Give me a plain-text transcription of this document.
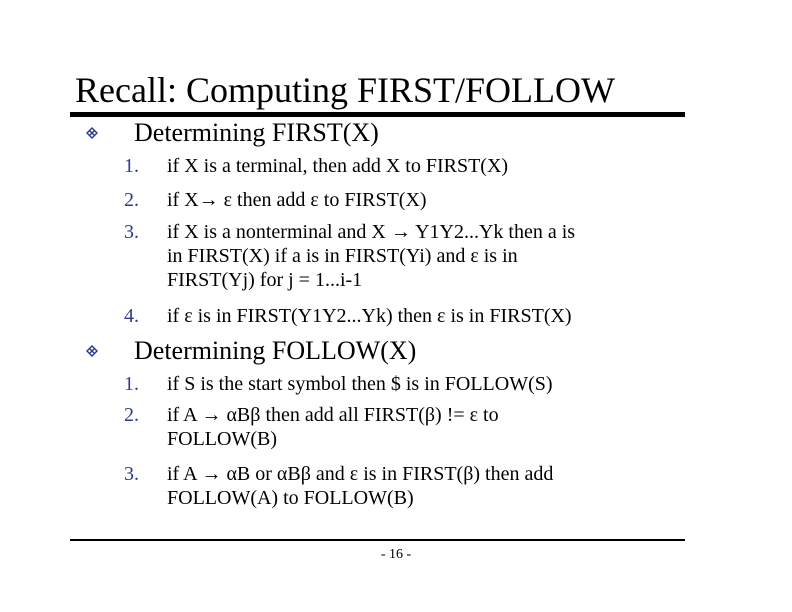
Recall: Computing FIRST/FOLLOW
Determining FIRST(X)
1.	if X is a terminal, then add X to FIRST(X)
2.	if X→ ε then add ε to FIRST(X)
3.	if X is a nonterminal and X → Y1Y2...Yk then a is
in FIRST(X) if a is in FIRST(Yi) and ε is in
FIRST(Yj) for j = 1...i-1
4.	if ε is in FIRST(Y1Y2...Yk) then ε is in FIRST(X)
Determining FOLLOW(X)
1.	if S is the start symbol then $ is in FOLLOW(S)
2.	if A → αBβ then add all FIRST(β) != ε to
FOLLOW(B)
3.	if A → αB or αBβ and ε is in FIRST(β) then add
FOLLOW(A) to FOLLOW(B)
- 16 -
